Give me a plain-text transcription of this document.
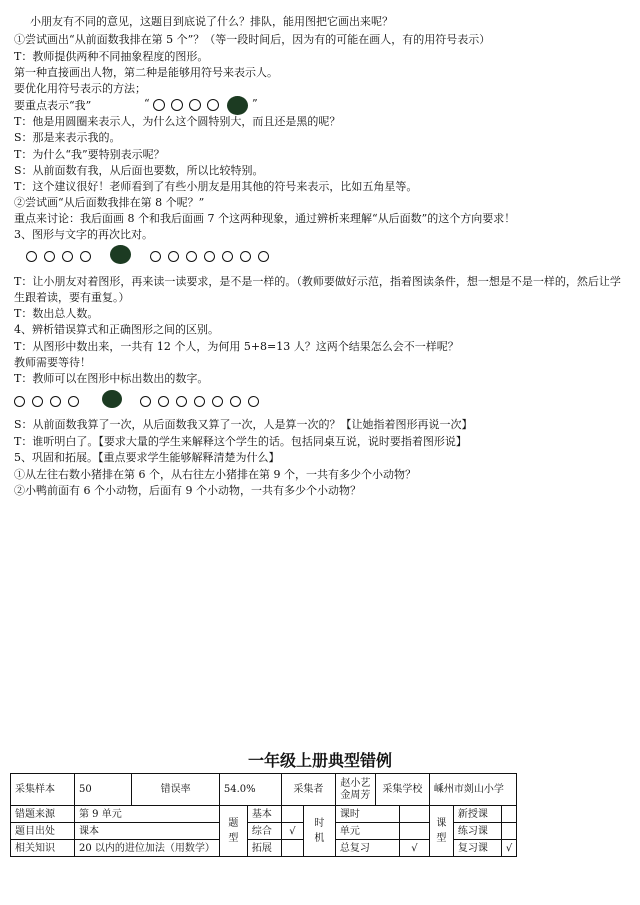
小朋友有不同的意见，这题目到底说了什么？排队，能用图把它画出来呢？
①尝试画出“从前面数我排在第 5 个”？（等一段时间后，因为有的可能在画人，有的用符号表示）
T：教师提供两种不同抽象程度的图形。
第一种直接画出人物，第二种是能够用符号来表示人。
要优化用符号表示的方法；
要重点表示“我”	“	”
T：他是用圆圈来表示人，为什么这个圆特别大，而且还是黑的呢？
S：那是来表示我的。
T：为什么“我”要特别表示呢？
S：从前面数有我，从后面也要数，所以比较特别。
T：这个建议很好！老师看到了有些小朋友是用其他的符号来表示，比如五角星等。
②尝试画“从后面数我排在第 8 个呢？”
重点来讨论：我后面画 8 个和我后面画 7 个这两种现象，通过辨析来理解“从后面数”的这个方向要求！
3、图形与文字的再次比对。
T：让小朋友对着图形，再来读一读要求，是不是一样的。（教师要做好示范，指着图读条件，想一想是不是一样的，然后让学生跟着读，要有重复。）
T：数出总人数。
4、辨析错误算式和正确图形之间的区别。
T：从图形中数出来，一共有 12 个人，为何用 5+8=13 人？这两个结果怎么会不一样呢？
教师需要等待！
T：教师可以在图形中标出数出的数字。
S：从前面数我算了一次，从后面数我又算了一次，人是算一次的？【让她指着图形再说一次】
T：谁听明白了。【要求大量的学生来解释这个学生的话。包括同桌互说，说时要指着图形说】
5、巩固和拓展。【重点要求学生能够解释清楚为什么】
①从左往右数小猪排在第 6 个，从右往左小猪排在第 9 个，一共有多少个小动物？
②小鸭前面有 6 个小动物，后面有 9 个小动物，一共有多少个小动物？
一年级上册典型错例
采集样本	50	错误率	54.0%		采集者		赵小艺 金周芳	采集学校		嵊州市剡山小学		
错题来源	第 9 单元		题型	基本		时机	课时			课型	新授课	
题目出处	课本			综合	√		单元				练习课	
相关知识	20 以内的进位加法（用数学）			拓展			总复习		√		复习课	√
